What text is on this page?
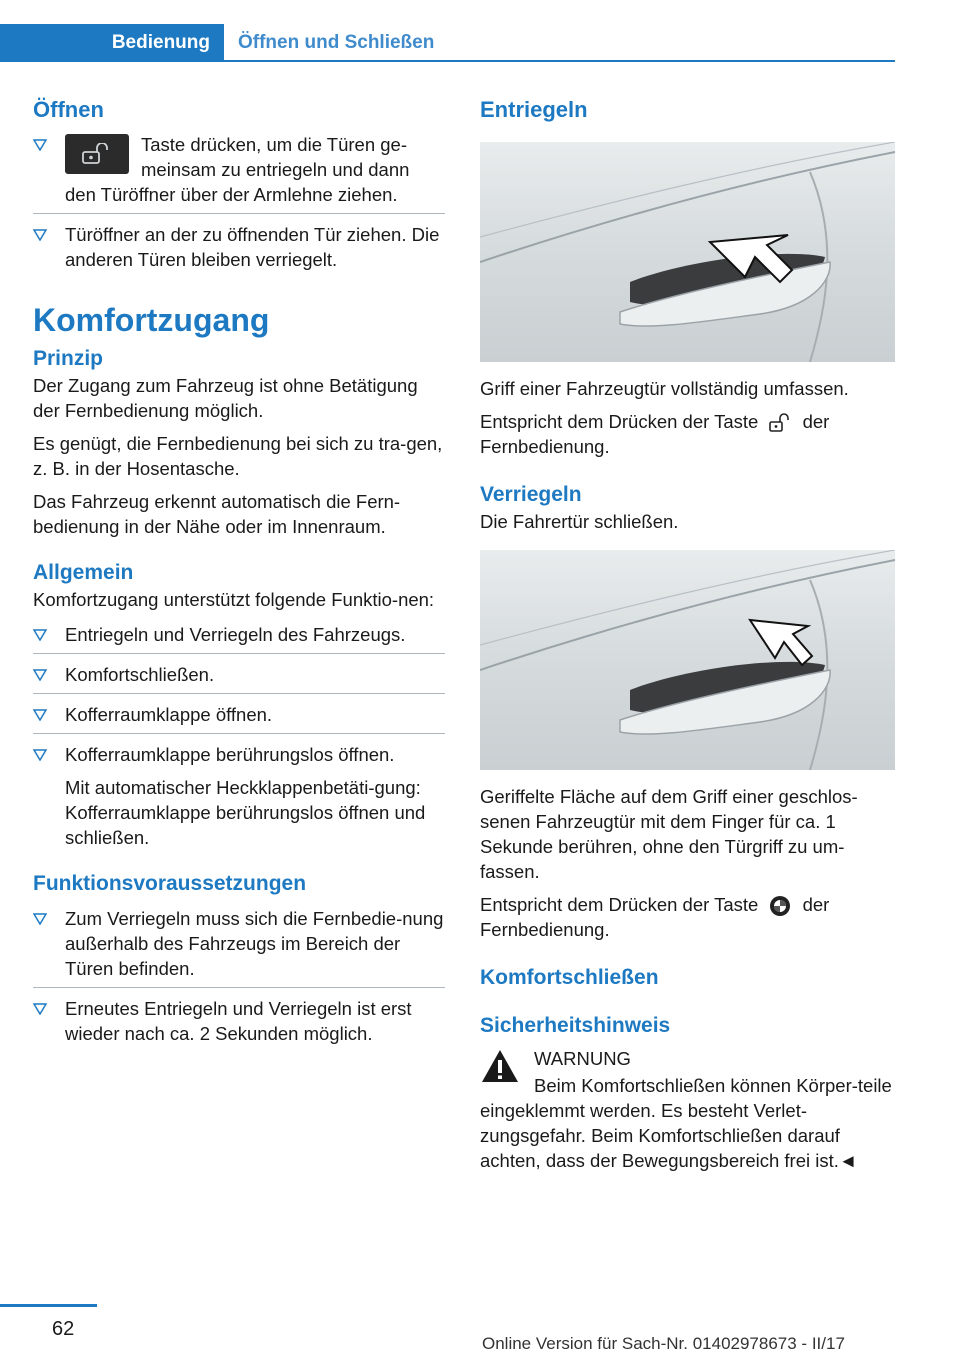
Bedienung	Öffnen und Schließen
Öffnen
Taste drücken, um die Türen ge-meinsam zu entriegeln und dann den Türöffner über der Armlehne ziehen.
Türöffner an der zu öffnenden Tür ziehen. Die anderen Türen bleiben verriegelt.
Komfortzugang
Prinzip

Der Zugang zum Fahrzeug ist ohne Betätigung der Fernbedienung möglich.

Es genügt, die Fernbedienung bei sich zu tra-gen, z. B. in der Hosentasche.

Das Fahrzeug erkennt automatisch die Fern-bedienung in der Nähe oder im Innenraum.

Allgemein

Komfortzugang unterstützt folgende Funktio-nen:

Entriegeln und Verriegeln des Fahrzeugs.
Komfortschließen.
Kofferraumklappe öffnen.
Kofferraumklappe berührungslos öffnen.

Mit automatischer Heckklappenbetäti-gung: Kofferraumklappe berührungslos öffnen und schließen.

Funktionsvoraussetzungen
Zum Verriegeln muss sich die Fernbedie-nung außerhalb des Fahrzeugs im Bereich der Türen befinden.
Erneutes Entriegeln und Verriegeln ist erst wieder nach ca. 2 Sekunden möglich.
Entriegeln

Griff einer Fahrzeugtür vollständig umfassen.

Entspricht dem Drücken der Taste der Fernbedienung.

Verriegeln

Die Fahrertür schließen.

Geriffelte Fläche auf dem Griff einer geschlos-senen Fahrzeugtür mit dem Finger für ca. 1 Sekunde berühren, ohne den Türgriff zu um-fassen.

Entspricht dem Drücken der Taste der Fernbedienung.

Komfortschließen
Sicherheitshinweis
WARNUNG
Beim Komfortschließen können Körper-teile eingeklemmt werden. Es besteht Verlet-zungsgefahr. Beim Komfortschließen darauf achten, dass der Bewegungsbereich frei ist.◄
62
Online Version für Sach-Nr. 01402978673 - II/17
